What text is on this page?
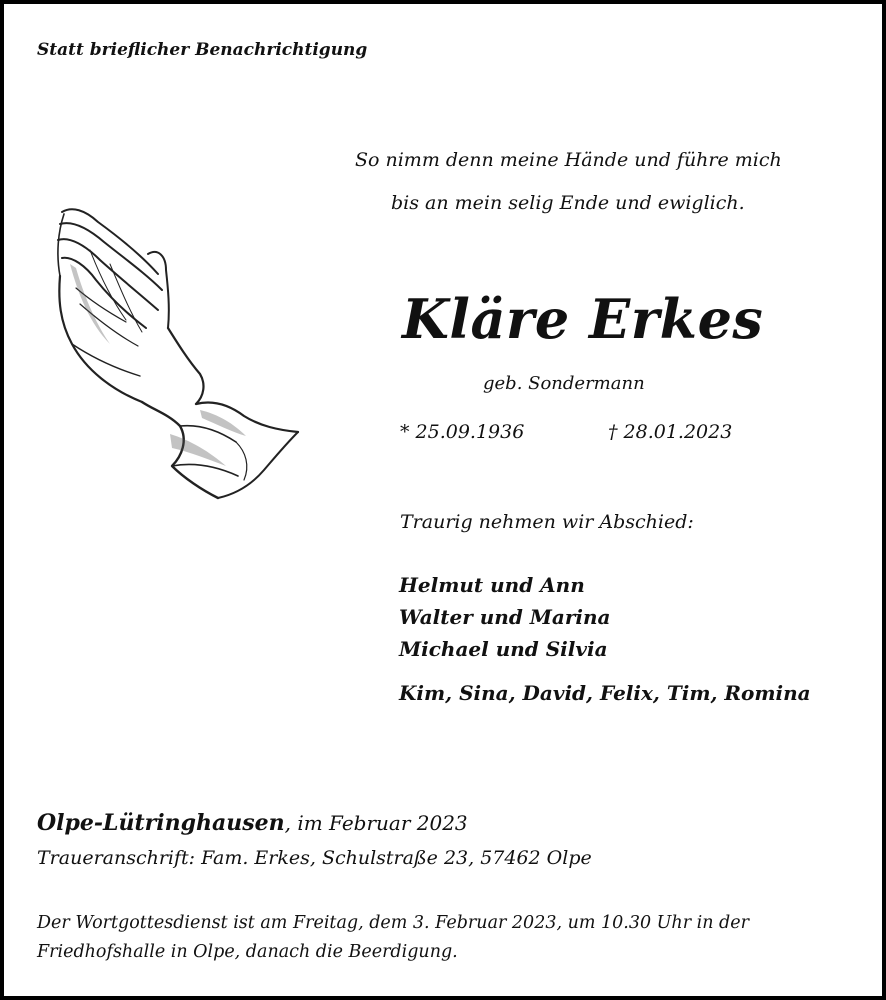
Statt brieflicher Benachrichtigung
So nimm denn meine Hände und führe mich
bis an mein selig Ende und ewiglich.
Kläre Erkes
geb. Sondermann
* 25.09.1936	† 28.01.2023
Traurig nehmen wir Abschied:
Helmut und Ann
Walter und Marina
Michael und Silvia
Kim, Sina, David, Felix, Tim, Romina
Olpe-Lütringhausen, im Februar 2023
Traueranschrift: Fam. Erkes, Schulstraße 23, 57462 Olpe
Der Wortgottesdienst ist am Freitag, dem 3. Februar 2023, um 10.30 Uhr in der Friedhofshalle in Olpe, danach die Beerdigung.
